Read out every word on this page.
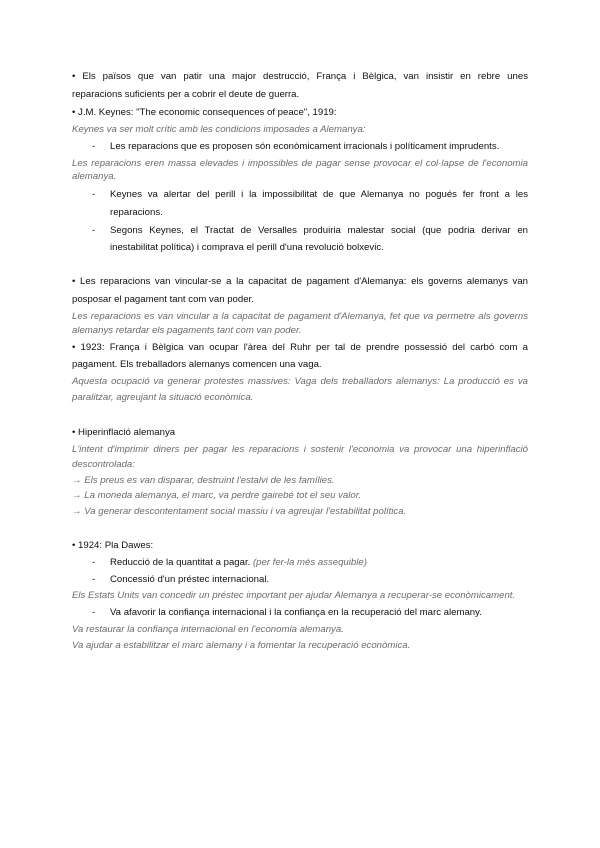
• Els països que van patir una major destrucció, França i Bèlgica, van insistir en rebre unes
reparacions suficients per a cobrir el deute de guerra.
• J.M. Keynes: "The economic consequences of peace", 1919:
Keynes va ser molt crític amb les condicions imposades a Alemanya:
- Les reparacions que es proposen són econòmicament irracionals i políticament imprudents.
Les reparacions eren massa elevades i impossibles de pagar sense provocar el col·lapse de l'economia
alemanya.
- Keynes va alertar del perill i la impossibilitat de que Alemanya no pogués fer front a les
reparacions.
- Segons Keynes, el Tractat de Versalles produiria malestar social (que podria derivar en
inestabilitat política) i comprava el perill d'una revolució bolxevic.
• Les reparacions van vincular-se a la capacitat de pagament d'Alemanya: els governs alemanys van
posposar el pagament tant com van poder.
Les reparacions es van vincular a la capacitat de pagament d'Alemanya, fet que va permetre als governs
alemanys retardar els pagaments tant com van poder.
• 1923: França i Bèlgica van ocupar l'àrea del Ruhr per tal de prendre possessió del carbó com a
pagament. Els treballadors alemanys comencen una vaga.
Aquesta ocupació va generar protestes massives: Vaga dels treballadors alemanys: La producció es va
paralitzar, agreujant la situació econòmica.
• Hiperinflació alemanya
L'intent d'imprimir diners per pagar les reparacions i sostenir l'economia va provocar una hiperinflació
descontrolada:
→ Els preus es van disparar, destruint l'estalvi de les famílies.
→ La moneda alemanya, el marc, va perdre gairebé tot el seu valor.
→ Va generar descontentament social massiu i va agreujar l'estabilitat política.
• 1924: Pla Dawes:
- Reducció de la quantitat a pagar. (per fer-la més assequible)
- Concessió d'un préstec internacional.
Els Estats Units van concedir un préstec important per ajudar Alemanya a recuperar-se econòmicament.
- Va afavorir la confiança internacional i la confiança en la recuperació del marc alemany.
Va restaurar la confiança internacional en l'economia alemanya.
Va ajudar a estabilitzar el marc alemany i a fomentar la recuperació econòmica.
